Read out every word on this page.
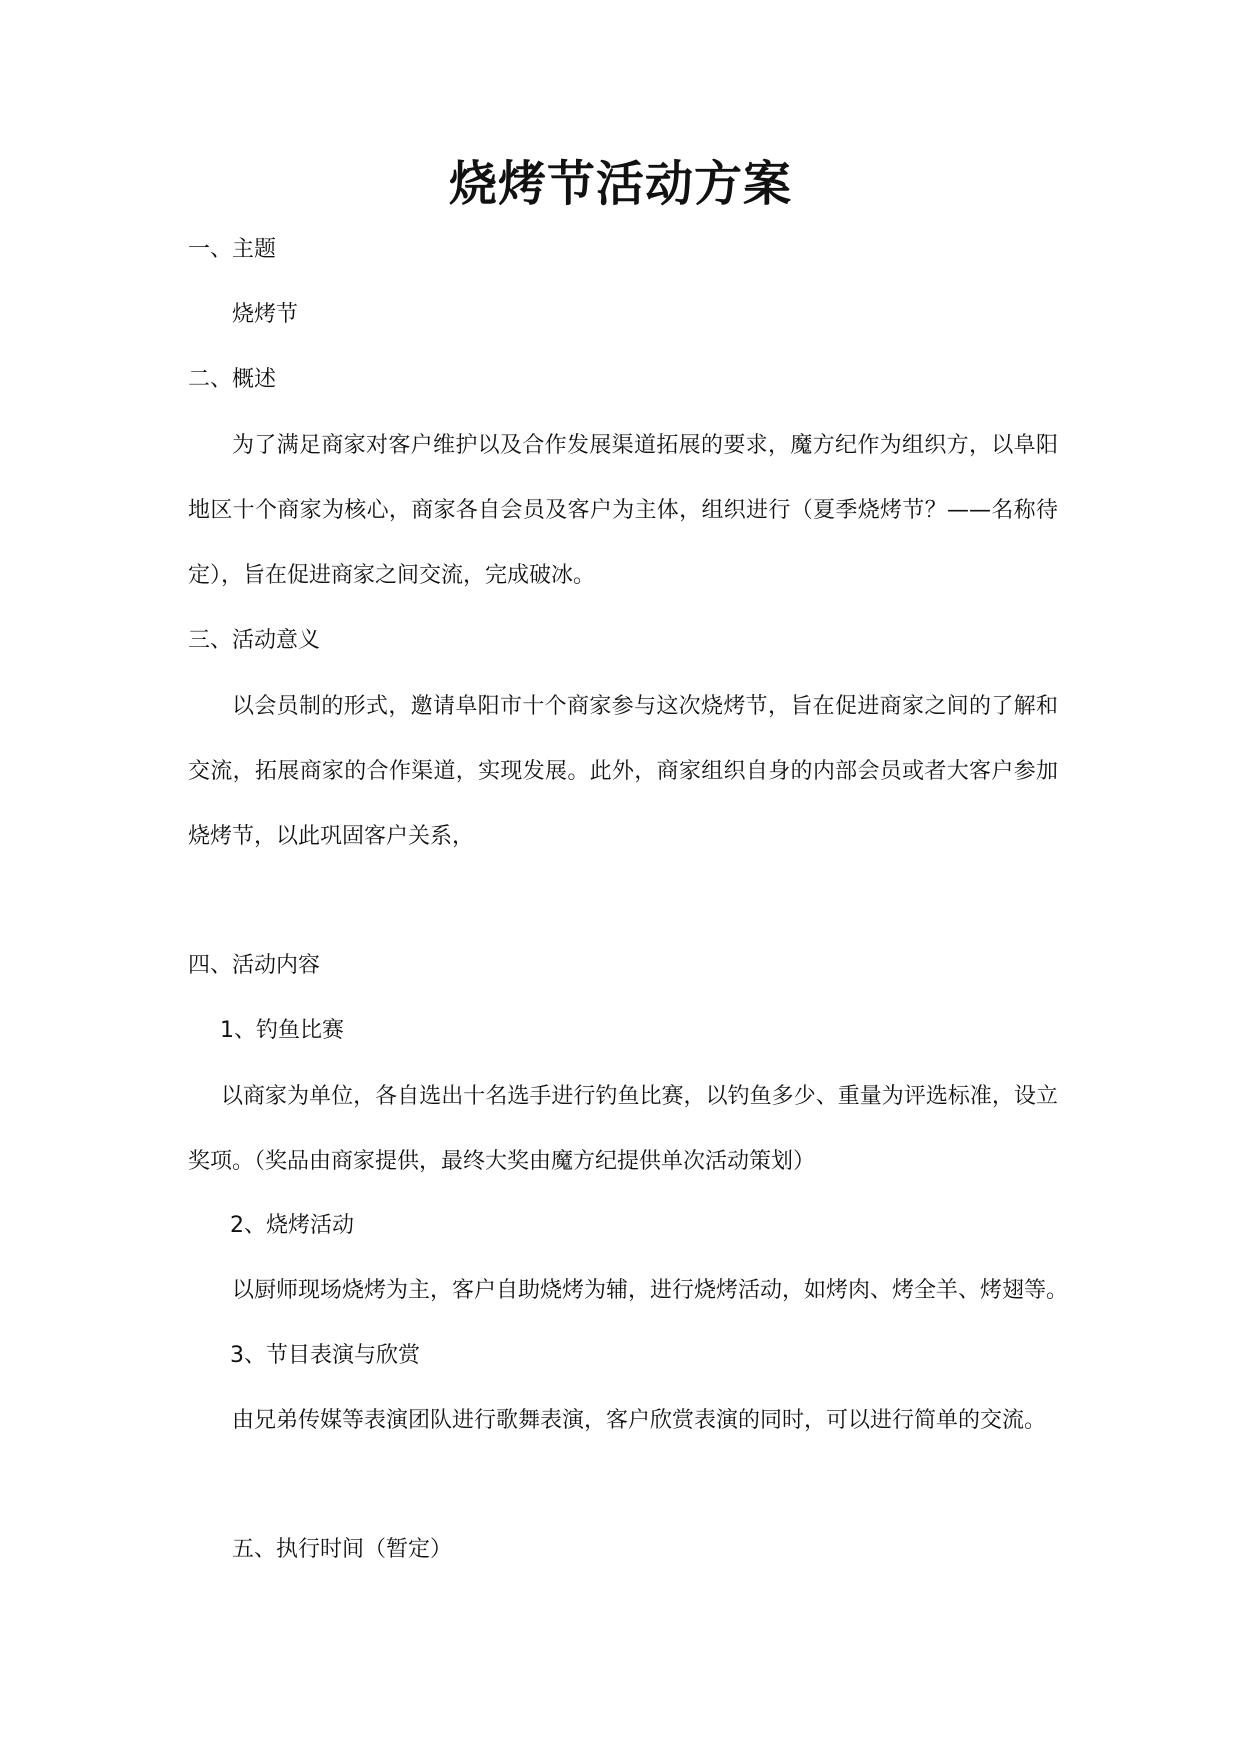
烧烤节活动方案
一、主题
烧烤节
二、概述

为了满足商家对客户维护以及合作发展渠道拓展的要求，魔方纪作为组织方，以阜阳地区十个商家为核心，商家各自会员及客户为主体，组织进行（夏季烧烤节？——名称待定），旨在促进商家之间交流，完成破冰。

三、活动意义

以会员制的形式，邀请阜阳市十个商家参与这次烧烤节，旨在促进商家之间的了解和交流，拓展商家的合作渠道，实现发展。此外，商家组织自身的内部会员或者大客户参加烧烤节，以此巩固客户关系，

四、活动内容
1、钓鱼比赛

以商家为单位，各自选出十名选手进行钓鱼比赛，以钓鱼多少、重量为评选标准，设立奖项。（奖品由商家提供，最终大奖由魔方纪提供单次活动策划）

2、烧烤活动
以厨师现场烧烤为主，客户自助烧烤为辅，进行烧烤活动，如烤肉、烤全羊、烤翅等。
3、节目表演与欣赏
由兄弟传媒等表演团队进行歌舞表演，客户欣赏表演的同时，可以进行简单的交流。
五、执行时间（暂定）
